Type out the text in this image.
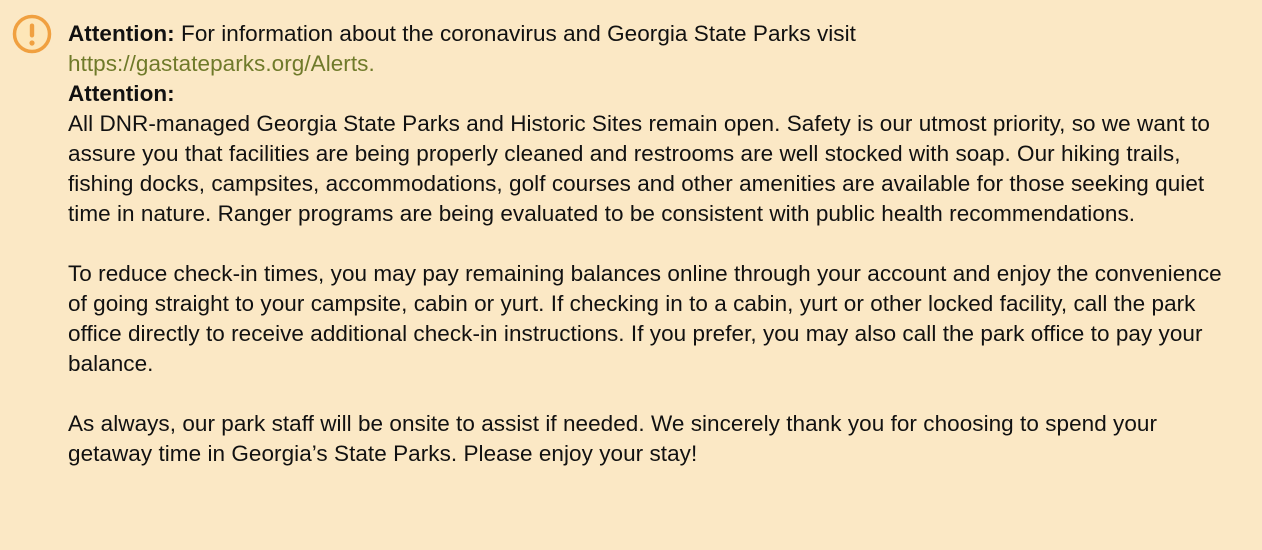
Attention: For information about the coronavirus and Georgia State Parks visit
https://gastateparks.org/Alerts.

Attention:

All DNR-managed Georgia State Parks and Historic Sites remain open. Safety is our utmost priority, so we want to assure you that facilities are being properly cleaned and restrooms are well stocked with soap. Our hiking trails, fishing docks, campsites, accommodations, golf courses and other amenities are available for those seeking quiet time in nature. Ranger programs are being evaluated to be consistent with public health recommendations.

To reduce check-in times, you may pay remaining balances online through your account and enjoy the convenience of going straight to your campsite, cabin or yurt. If checking in to a cabin, yurt or other locked facility, call the park office directly to receive additional check-in instructions. If you prefer, you may also call the park office to pay your balance.

As always, our park staff will be onsite to assist if needed. We sincerely thank you for choosing to spend your getaway time in Georgia’s State Parks. Please enjoy your stay!
